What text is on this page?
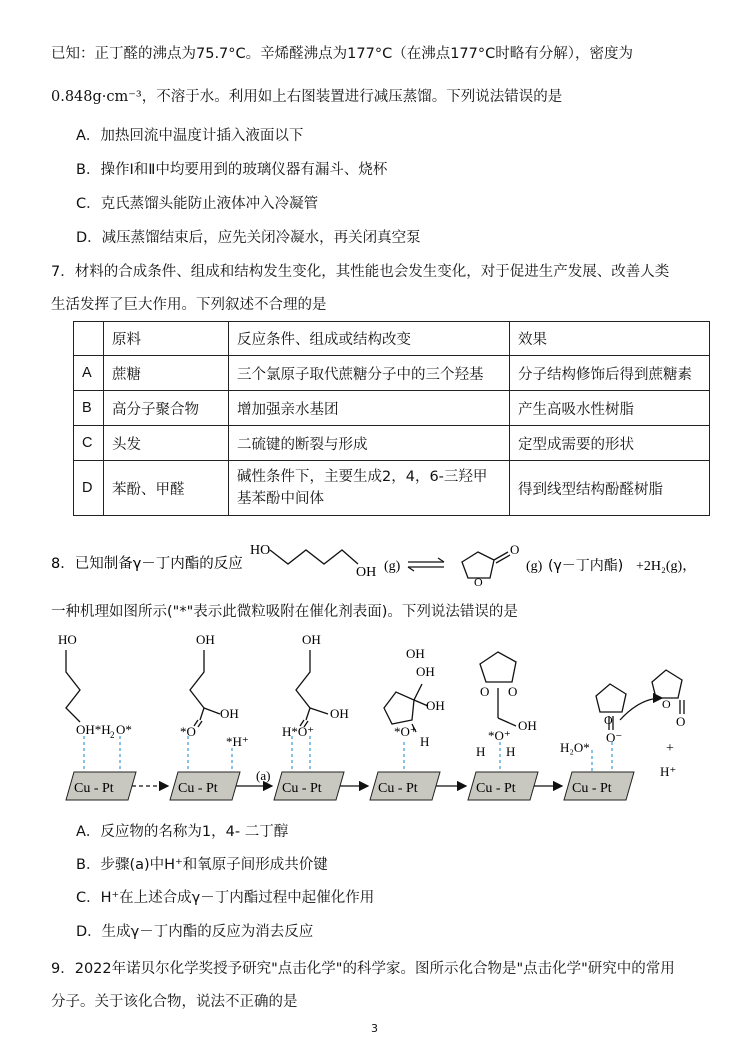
已知：正丁醛的沸点为75.7°C。辛烯醛沸点为177°C（在沸点177°C时略有分解），密度为
0.848g·cm⁻³，不溶于水。利用如上右图装置进行减压蒸馏。下列说法错误的是
A．加热回流中温度计插入液面以下
B．操作Ⅰ和Ⅱ中均要用到的玻璃仪器有漏斗、烧杯
C．克氏蒸馏头能防止液体冲入冷凝管
D．减压蒸馏结束后，应先关闭冷凝水，再关闭真空泵
7．材料的合成条件、组成和结构发生变化，其性能也会发生变化，对于促进生产发展、改善人类
生活发挥了巨大作用。下列叙述不合理的是
	原料	反应条件、组成或结构改变	效果
A	蔗糖	三个氯原子取代蔗糖分子中的三个羟基	分子结构修饰后得到蔗糖素
B	高分子聚合物	增加强亲水基团	产生高吸水性树脂
C	头发	二硫键的断裂与形成	定型成需要的形状
D	苯酚、甲醛	碱性条件下，主要生成2，4，6-三羟甲基苯酚中间体	得到线型结构酚醛树脂
8．已知制备γ－丁内酯的反应
HO
OH (g)
O
O
(g) (γ－丁内酯) +2H₂(g)，
一种机理如图所示("*"表示此微粒吸附在催化剂表面)。下列说法错误的是
Cu - Pt	Cu - Pt	Cu - Pt	Cu - Pt	Cu - Pt	Cu - Pt
(a)
HO
OH*H 2 O*
OH
OH
*O
*H⁺
OH
OH
H*O⁺
OH
OH
OH
*O⁺
H
O O
OH
*O⁺
H H
O
O⁻
H₂O*
O
O
+
H⁺
A．反应物的名称为1，4- 二丁醇
B．步骤(a)中H⁺和氧原子间形成共价键
C．H⁺在上述合成γ－丁内酯过程中起催化作用
D．生成γ－丁内酯的反应为消去反应
9．2022年诺贝尔化学奖授予研究"点击化学"的科学家。图所示化合物是"点击化学"研究中的常用
分子。关于该化合物，说法不正确的是
3
